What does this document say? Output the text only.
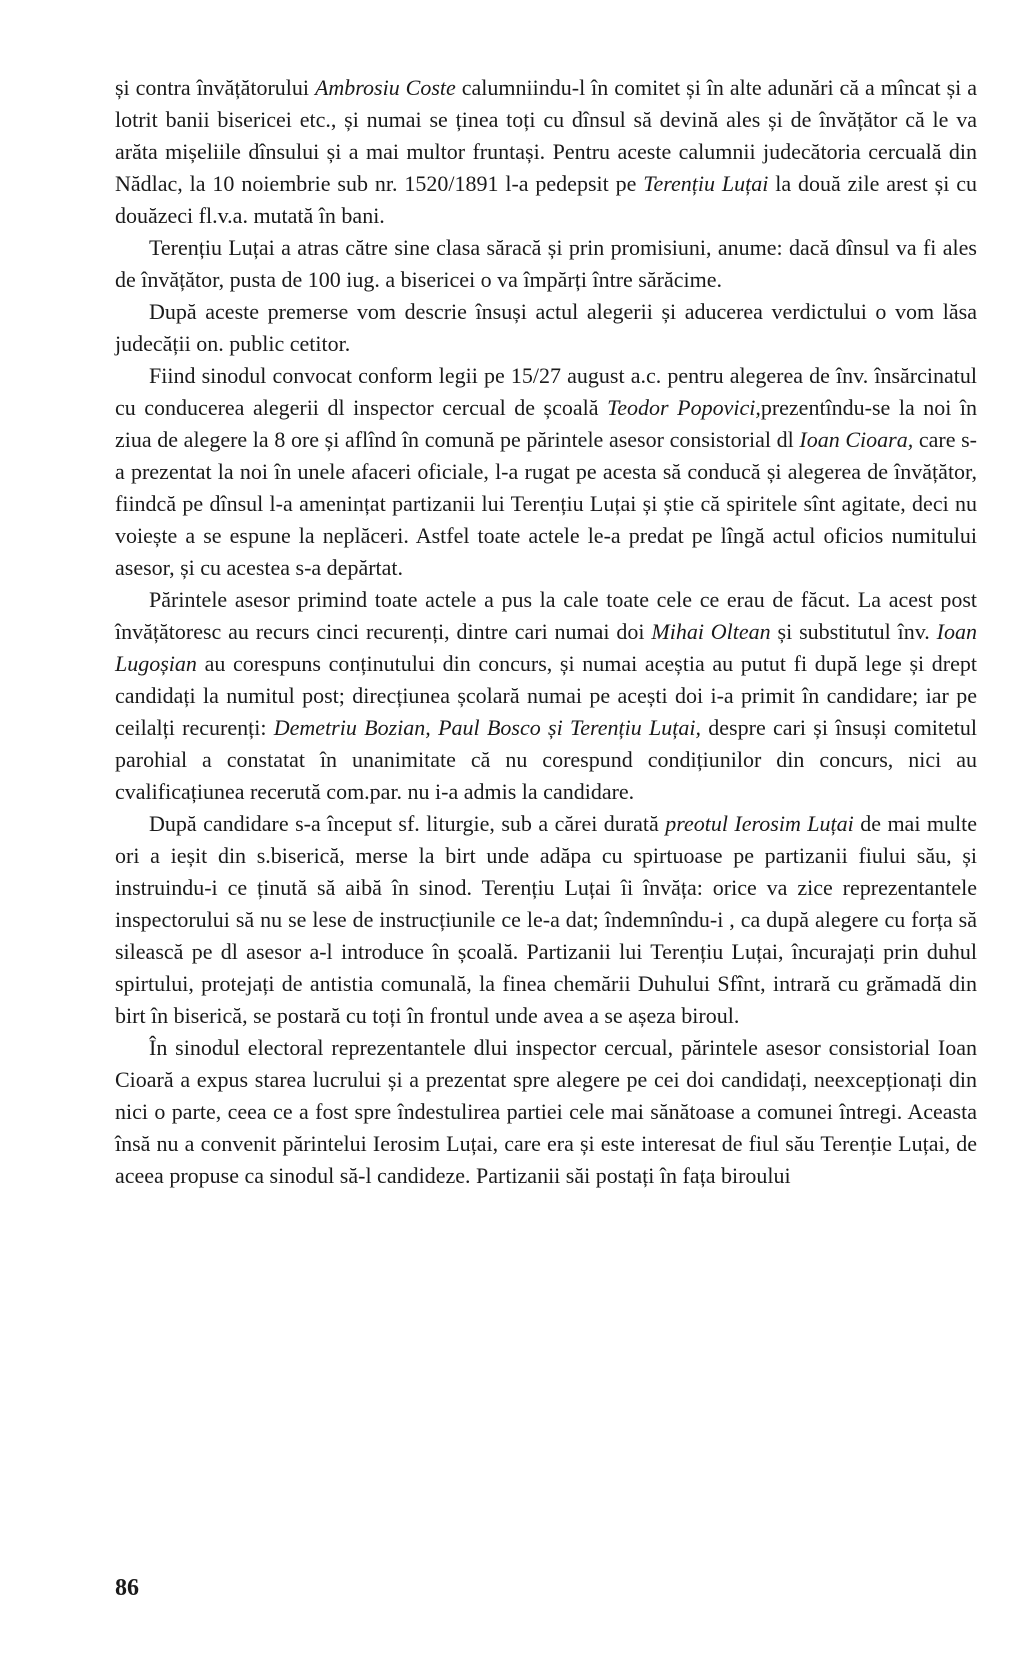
și contra învățătorului Ambrosiu Coste calumniindu-l în comitet și în alte adunări că a mîncat și a lotrit banii bisericei etc., și numai se ținea toți cu dînsul să devină ales și de învățător că le va arăta mișeliile dînsului și a mai multor fruntași. Pentru aceste calumnii judecătoria cercuală din Nădlac, la 10 noiembrie sub nr. 1520/1891 l-a pedepsit pe Terențiu Luțai la două zile arest și cu douăzeci fl.v.a. mutată în bani.

Terențiu Luțai a atras către sine clasa săracă și prin promisiuni, anume: dacă dînsul va fi ales de învățător, pusta de 100 iug. a bisericei o va împărți între sărăcime.

După aceste premerse vom descrie însuși actul alegerii și aducerea verdictului o vom lăsa judecății on. public cetitor.

Fiind sinodul convocat conform legii pe 15/27 august a.c. pentru alegerea de înv. însărcinatul cu conducerea alegerii dl inspector cercual de școală Teodor Popovici,prezentîndu-se la noi în ziua de alegere la 8 ore și aflînd în comună pe părintele asesor consistorial dl Ioan Cioara, care s-a prezentat la noi în unele afaceri oficiale, l-a rugat pe acesta să conducă și alegerea de învățător, fiindcă pe dînsul l-a amenințat partizanii lui Terențiu Luțai și știe că spiritele sînt agitate, deci nu voiește a se espune la neplăceri. Astfel toate actele le-a predat pe lîngă actul oficios numitului asesor, și cu acestea s-a depărtat.

Părintele asesor primind toate actele a pus la cale toate cele ce erau de făcut. La acest post învățătoresc au recurs cinci recurenți, dintre cari numai doi Mihai Oltean și substitutul înv. Ioan Lugoșian au corespuns conținutului din concurs, și numai aceștia au putut fi după lege și drept candidați la numitul post; direcțiunea școlară numai pe acești doi i-a primit în candidare; iar pe ceilalți recurenți: Demetriu Bozian, Paul Bosco și Terențiu Luțai, despre cari și însuși comitetul parohial a constatat în unanimitate că nu corespund condițiunilor din concurs, nici au cvalificațiunea recerută com.par. nu i-a admis la candidare.

După candidare s-a început sf. liturgie, sub a cărei durată preotul Ierosim Luțai de mai multe ori a ieșit din s.biserică, merse la birt unde adăpa cu spirtuoase pe partizanii fiului său, și instruindu-i ce ținută să aibă în sinod. Terențiu Luțai îi învăța: orice va zice reprezentantele inspectorului să nu se lese de instrucțiunile ce le-a dat; îndemnîndu-i , ca după alegere cu forța să silească pe dl asesor a-l introduce în școală. Partizanii lui Terențiu Luțai, încurajați prin duhul spirtului, protejați de antistia comunală, la finea chemării Duhului Sfînt, intrară cu grămadă din birt în biserică, se postară cu toți în frontul unde avea a se așeza biroul.

În sinodul electoral reprezentantele dlui inspector cercual, părintele asesor consistorial Ioan Cioară a expus starea lucrului și a prezentat spre alegere pe cei doi candidați, neexcepționați din nici o parte, ceea ce a fost spre îndestulirea partiei cele mai sănătoase a comunei întregi. Aceasta însă nu a convenit părintelui Ierosim Luțai, care era și este interesat de fiul său Terenție Luțai, de aceea propuse ca sinodul să-l candideze. Partizanii săi postați în fața biroului

86
